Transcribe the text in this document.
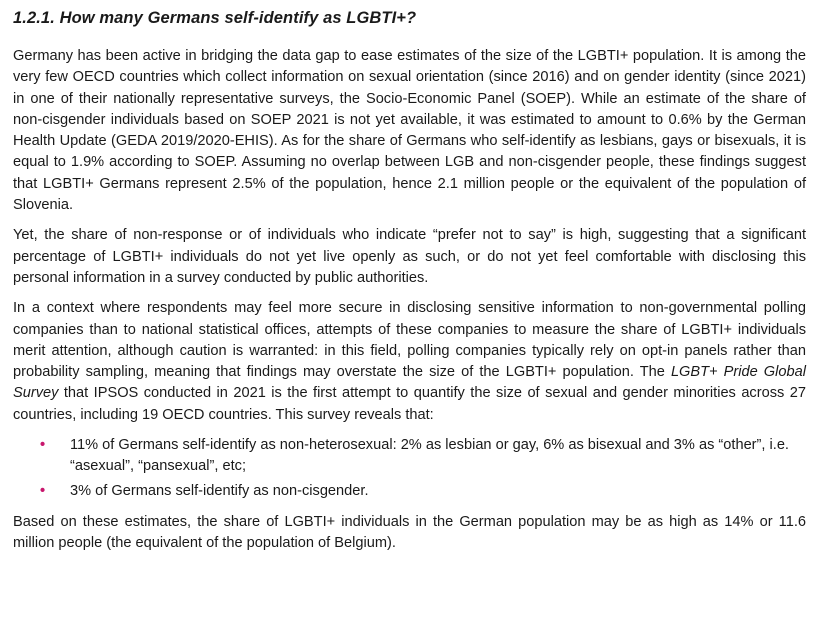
1.2.1. How many Germans self-identify as LGBTI+?

Germany has been active in bridging the data gap to ease estimates of the size of the LGBTI+ population. It is among the very few OECD countries which collect information on sexual orientation (since 2016) and on gender identity (since 2021) in one of their nationally representative surveys, the Socio-Economic Panel (SOEP). While an estimate of the share of non-cisgender individuals based on SOEP 2021 is not yet available, it was estimated to amount to 0.6% by the German Health Update (GEDA 2019/2020-EHIS). As for the share of Germans who self-identify as lesbians, gays or bisexuals, it is equal to 1.9% according to SOEP. Assuming no overlap between LGB and non-cisgender people, these findings suggest that LGBTI+ Germans represent 2.5% of the population, hence 2.1 million people or the equivalent of the population of Slovenia.

Yet, the share of non-response or of individuals who indicate “prefer not to say” is high, suggesting that a significant percentage of LGBTI+ individuals do not yet live openly as such, or do not yet feel comfortable with disclosing this personal information in a survey conducted by public authorities.

In a context where respondents may feel more secure in disclosing sensitive information to non-governmental polling companies than to national statistical offices, attempts of these companies to measure the share of LGBTI+ individuals merit attention, although caution is warranted: in this field, polling companies typically rely on opt-in panels rather than probability sampling, meaning that findings may overstate the size of the LGBTI+ population. The LGBT+ Pride Global Survey that IPSOS conducted in 2021 is the first attempt to quantify the size of sexual and gender minorities across 27 countries, including 19 OECD countries. This survey reveals that:

• 11% of Germans self-identify as non-heterosexual: 2% as lesbian or gay, 6% as bisexual and 3% as “other”, i.e. “asexual”, “pansexual”, etc;
• 3% of Germans self-identify as non-cisgender.

Based on these estimates, the share of LGBTI+ individuals in the German population may be as high as 14% or 11.6 million people (the equivalent of the population of Belgium).
